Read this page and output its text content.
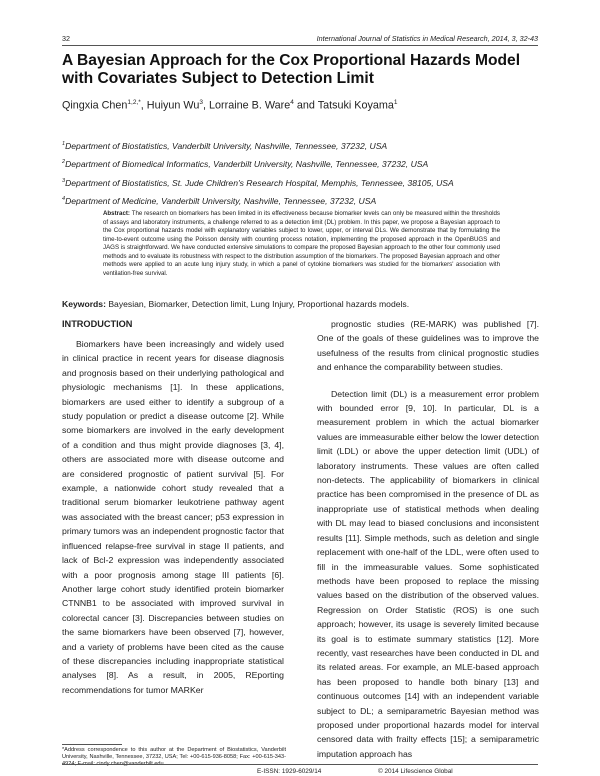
32	International Journal of Statistics in Medical Research, 2014, 3, 32-43
A Bayesian Approach for the Cox Proportional Hazards Model with Covariates Subject to Detection Limit
Qingxia Chen$^{1,2,*}$, Huiyun Wu$^3$, Lorraine B. Ware$^4$ and Tatsuki Koyama$^1$
$^1$Department of Biostatistics, Vanderbilt University, Nashville, Tennessee, 37232, USA
$^2$Department of Biomedical Informatics, Vanderbilt University, Nashville, Tennessee, 37232, USA
$^3$Department of Biostatistics, St. Jude Children's Research Hospital, Memphis, Tennessee, 38105, USA
$^4$Department of Medicine, Vanderbilt University, Nashville, Tennessee, 37232, USA
Abstract: The research on biomarkers has been limited in its effectiveness because biomarker levels can only be measured within the thresholds of assays and laboratory instruments, a challenge referred to as a detection limit (DL) problem. In this paper, we propose a Bayesian approach to the Cox proportional hazards model with explanatory variables subject to lower, upper, or interval DLs. We demonstrate that by formulating the time-to-event outcome using the Poisson density with counting process notation, implementing the proposed approach in the OpenBUGS and JAGS is straightforward. We have conducted extensive simulations to compare the proposed Bayesian approach to the other four commonly used methods and to evaluate its robustness with respect to the distribution assumption of the biomarkers. The proposed Bayesian approach and other methods were applied to an acute lung injury study, in which a panel of cytokine biomarkers was studied for the biomarkers' association with ventilation-free survival.
Keywords: Bayesian, Biomarker, Detection limit, Lung Injury, Proportional hazards models.
INTRODUCTION

Biomarkers have been increasingly and widely used in clinical practice in recent years for disease diagnosis and prognosis based on their underlying pathological and physiologic mechanisms [1]. In these applications, biomarkers are used either to identify a subgroup of a study population or predict a disease outcome [2]. While some biomarkers are involved in the early development of a condition and thus might provide diagnoses [3, 4], others are associated more with disease outcome and are considered prognostic of patient survival [5]. For example, a nationwide cohort study revealed that a traditional serum biomarker leukotriene pathway agent was associated with the breast cancer; p53 expression in primary tumors was an independent prognostic factor that influenced relapse-free survival in stage II patients, and lack of Bcl-2 expression was independently associated with a poor prognosis among stage III patients [6]. Another large cohort study identified protein biomarker CTNNB1 to be associated with improved survival in colorectal cancer [3]. Discrepancies between studies on the same biomarkers have been observed [7], however, and a variety of problems have been cited as the cause of these discrepancies including inappropriate statistical analyses [8]. As a result, in 2005, REporting recommendations for tumor MARKer

prognostic studies (RE-MARK) was published [7]. One of the goals of these guidelines was to improve the usefulness of the results from clinical prognostic studies and enhance the comparability between studies.

Detection limit (DL) is a measurement error problem with bounded error [9, 10]. In particular, DL is a measurement problem in which the actual biomarker values are immeasurable either below the lower detection limit (LDL) or above the upper detection limit (UDL) of laboratory instruments. These values are often called non-detects. The applicability of biomarkers in clinical practice has been compromised in the presence of DL as inappropriate use of statistical methods when dealing with DL may lead to biased conclusions and inconsistent results [11]. Simple methods, such as deletion and single replacement with one-half of the LDL, were often used to fill in the immeasurable values. Some sophisticated methods have been proposed to replace the missing values based on the distribution of the observed values. Regression on Order Statistic (ROS) is one such approach; however, its usage is severely limited because its goal is to estimate summary statistics [12]. More recently, vast researches have been conducted in DL and its related areas. For example, an MLE-based approach has been proposed to handle both binary [13] and continuous outcomes [14] with an independent variable subject to DL; a semiparametric Bayesian method was proposed under proportional hazards model for interval censored data with frailty effects [15]; a semiparametric imputation approach has

*Address correspondence to this author at the Department of Biostatistics, Vanderbilt University, Nashville, Tennessee, 37232, USA; Tel: +00-615-936-8058; Fax: +00-615-343-4924; E-mail: cindy.chen@vanderbilt.edu
E-ISSN: 1929-6029/14	© 2014 Lifescience Global
